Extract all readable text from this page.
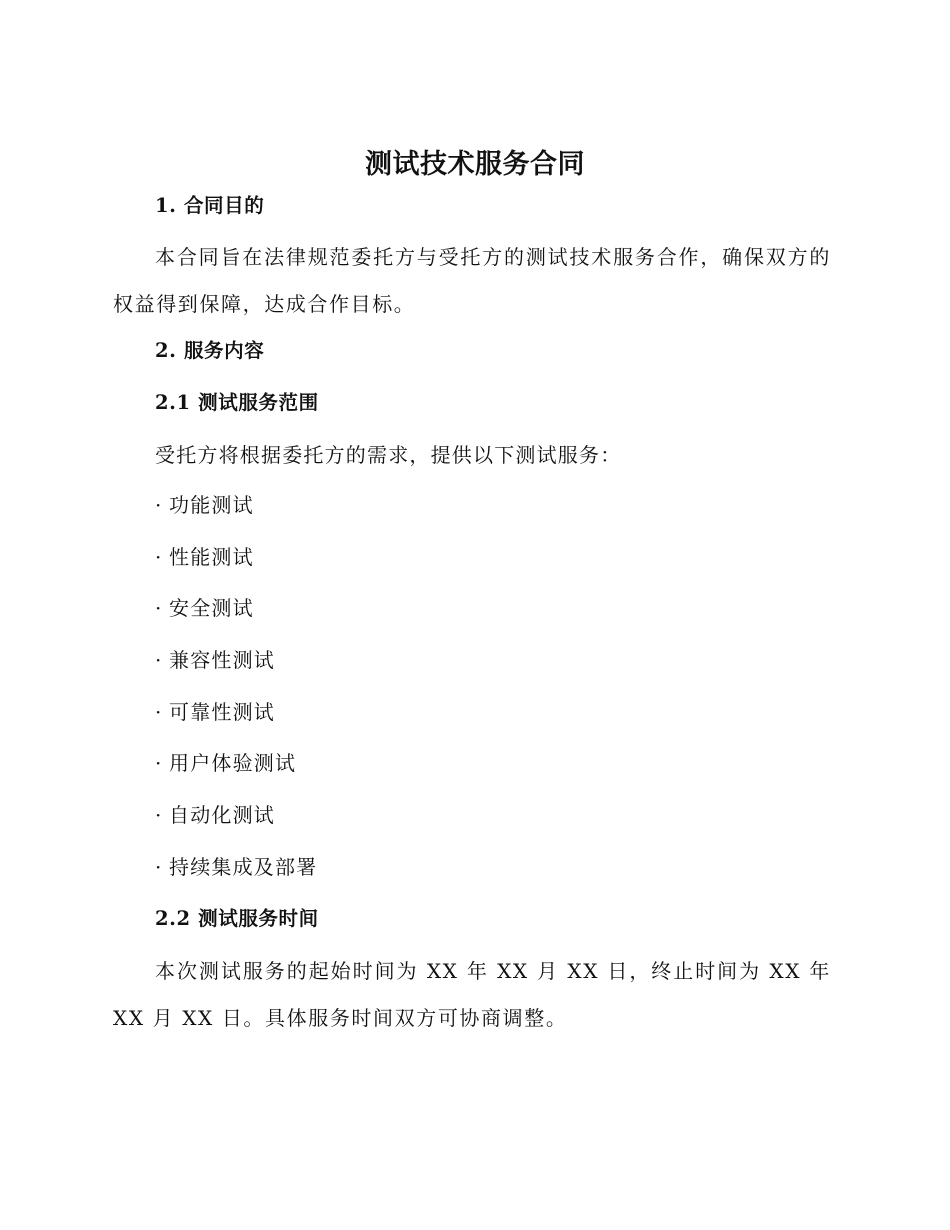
测试技术服务合同
1. 合同目的
本合同旨在法律规范委托方与受托方的测试技术服务合作，确保双方的权益得到保障，达成合作目标。
2. 服务内容
2.1 测试服务范围
受托方将根据委托方的需求，提供以下测试服务：
· 功能测试
· 性能测试
· 安全测试
· 兼容性测试
· 可靠性测试
· 用户体验测试
· 自动化测试
· 持续集成及部署
2.2 测试服务时间
本次测试服务的起始时间为 XX 年 XX 月 XX 日，终止时间为 XX 年 XX 月 XX 日。具体服务时间双方可协商调整。
